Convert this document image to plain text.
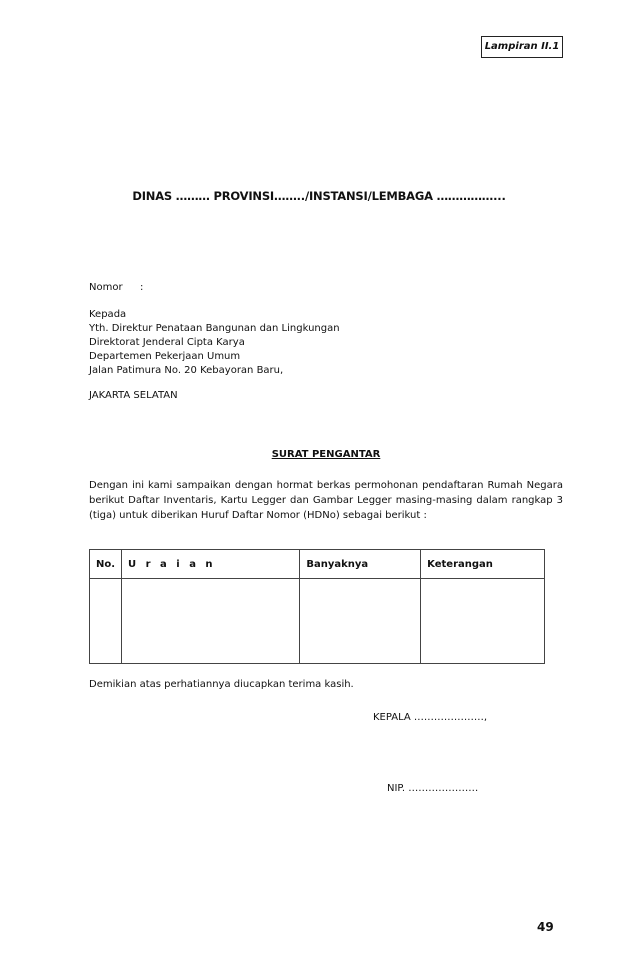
Lampiran II.1
DINAS ……… PROVINSI……../INSTANSI/LEMBAGA ……………...
Nomor :
Kepada
Yth. Direktur Penataan Bangunan dan Lingkungan
Direktorat Jenderal Cipta Karya
Departemen Pekerjaan Umum
Jalan Patimura No. 20 Kebayoran Baru,
JAKARTA SELATAN
SURAT PENGANTAR
Dengan ini kami sampaikan dengan hormat berkas permohonan pendaftaran Rumah Negara berikut Daftar Inventaris, Kartu Legger dan Gambar Legger masing-masing dalam rangkap 3 (tiga) untuk diberikan Huruf Daftar Nomor (HDNo) sebagai berikut :
No.	U r a i a n	Banyaknya	Keterangan

Demikian atas perhatiannya diucapkan terima kasih.
KEPALA …………………,
NIP. …………………
49
